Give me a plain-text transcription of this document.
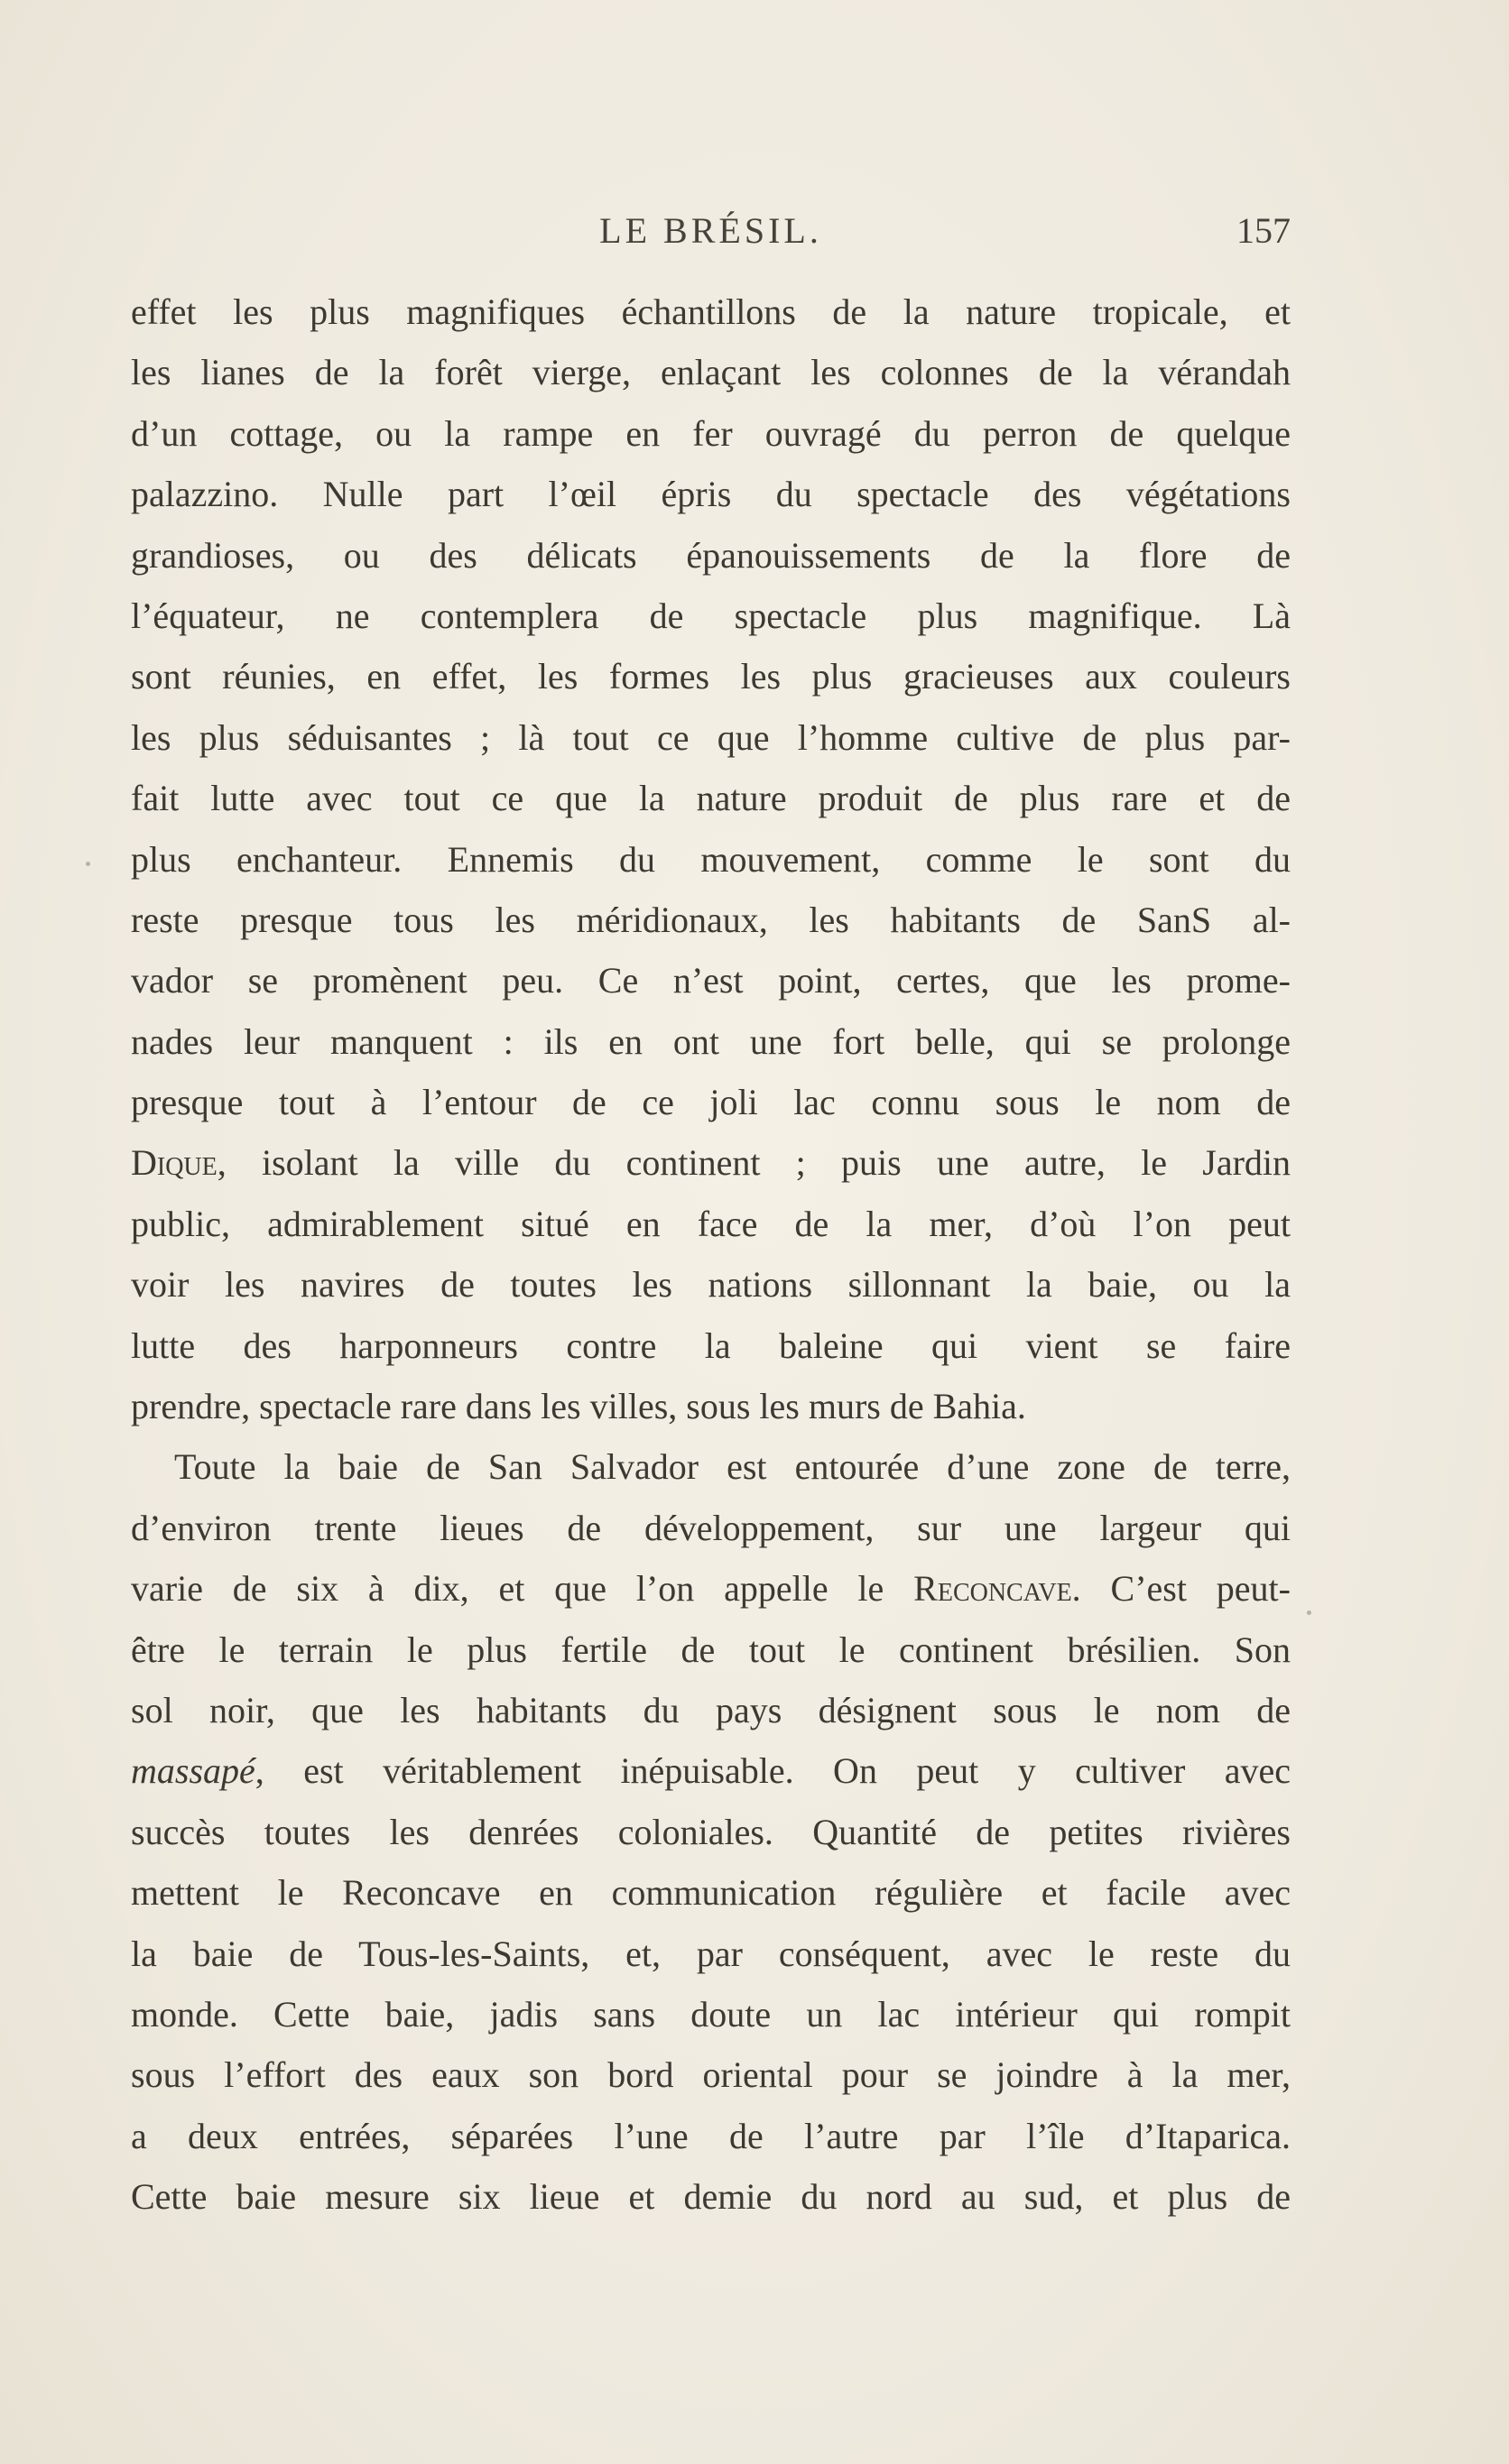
LE BRÉSIL.	157
effet les plus magnifiques échantillons de la nature tropicale, et
les lianes de la forêt vierge, enlaçant les colonnes de la vérandah
d’un cottage, ou la rampe en fer ouvragé du perron de quelque
palazzino. Nulle part l’œil épris du spectacle des végétations
grandioses, ou des délicats épanouissements de la flore de
l’équateur, ne contemplera de spectacle plus magnifique. Là
sont réunies, en effet, les formes les plus gracieuses aux couleurs
les plus séduisantes ; là tout ce que l’homme cultive de plus par-
fait lutte avec tout ce que la nature produit de plus rare et de
plus enchanteur. Ennemis du mouvement, comme le sont du
reste presque tous les méridionaux, les habitants de SanS al-
vador se promènent peu. Ce n’est point, certes, que les prome-
nades leur manquent : ils en ont une fort belle, qui se prolonge
presque tout à l’entour de ce joli lac connu sous le nom de
Dique, isolant la ville du continent ; puis une autre, le Jardin
public, admirablement situé en face de la mer, d’où l’on peut
voir les navires de toutes les nations sillonnant la baie, ou la
lutte des harponneurs contre la baleine qui vient se faire
prendre, spectacle rare dans les villes, sous les murs de Bahia.
Toute la baie de San Salvador est entourée d’une zone de terre,
d’environ trente lieues de développement, sur une largeur qui
varie de six à dix, et que l’on appelle le Reconcave. C’est peut-
être le terrain le plus fertile de tout le continent brésilien. Son
sol noir, que les habitants du pays désignent sous le nom de
massapé, est véritablement inépuisable. On peut y cultiver avec
succès toutes les denrées coloniales. Quantité de petites rivières
mettent le Reconcave en communication régulière et facile avec
la baie de Tous-les-Saints, et, par conséquent, avec le reste du
monde. Cette baie, jadis sans doute un lac intérieur qui rompit
sous l’effort des eaux son bord oriental pour se joindre à la mer,
a deux entrées, séparées l’une de l’autre par l’île d’Itaparica.
Cette baie mesure six lieue et demie du nord au sud, et plus de
